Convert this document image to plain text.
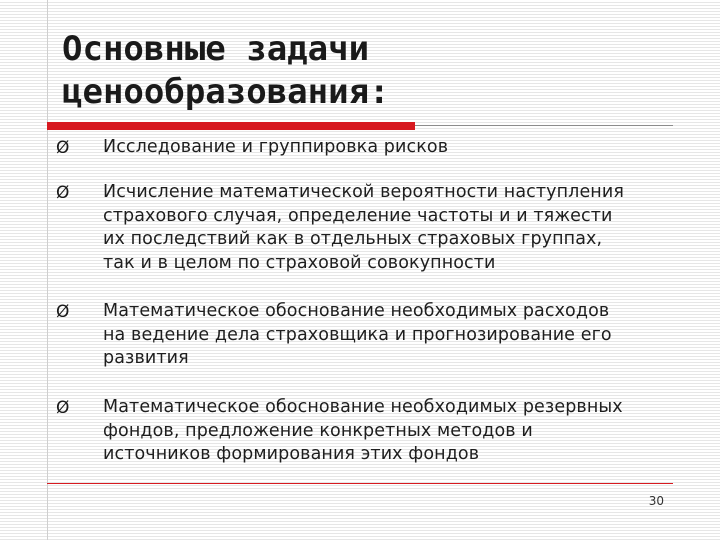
Основные задачи
ценообразования:
Ø Исследование и группировка рисков
Ø Исчисление математической вероятности наступления
страхового случая, определение частоты и и тяжести
их последствий как в отдельных страховых группах,
так и в целом по страховой совокупности
Ø Математическое обоснование необходимых расходов
на ведение дела страховщика и прогнозирование его
развития
Ø Математическое обоснование необходимых резервных
фондов, предложение конкретных методов и
источников формирования этих фондов
30
